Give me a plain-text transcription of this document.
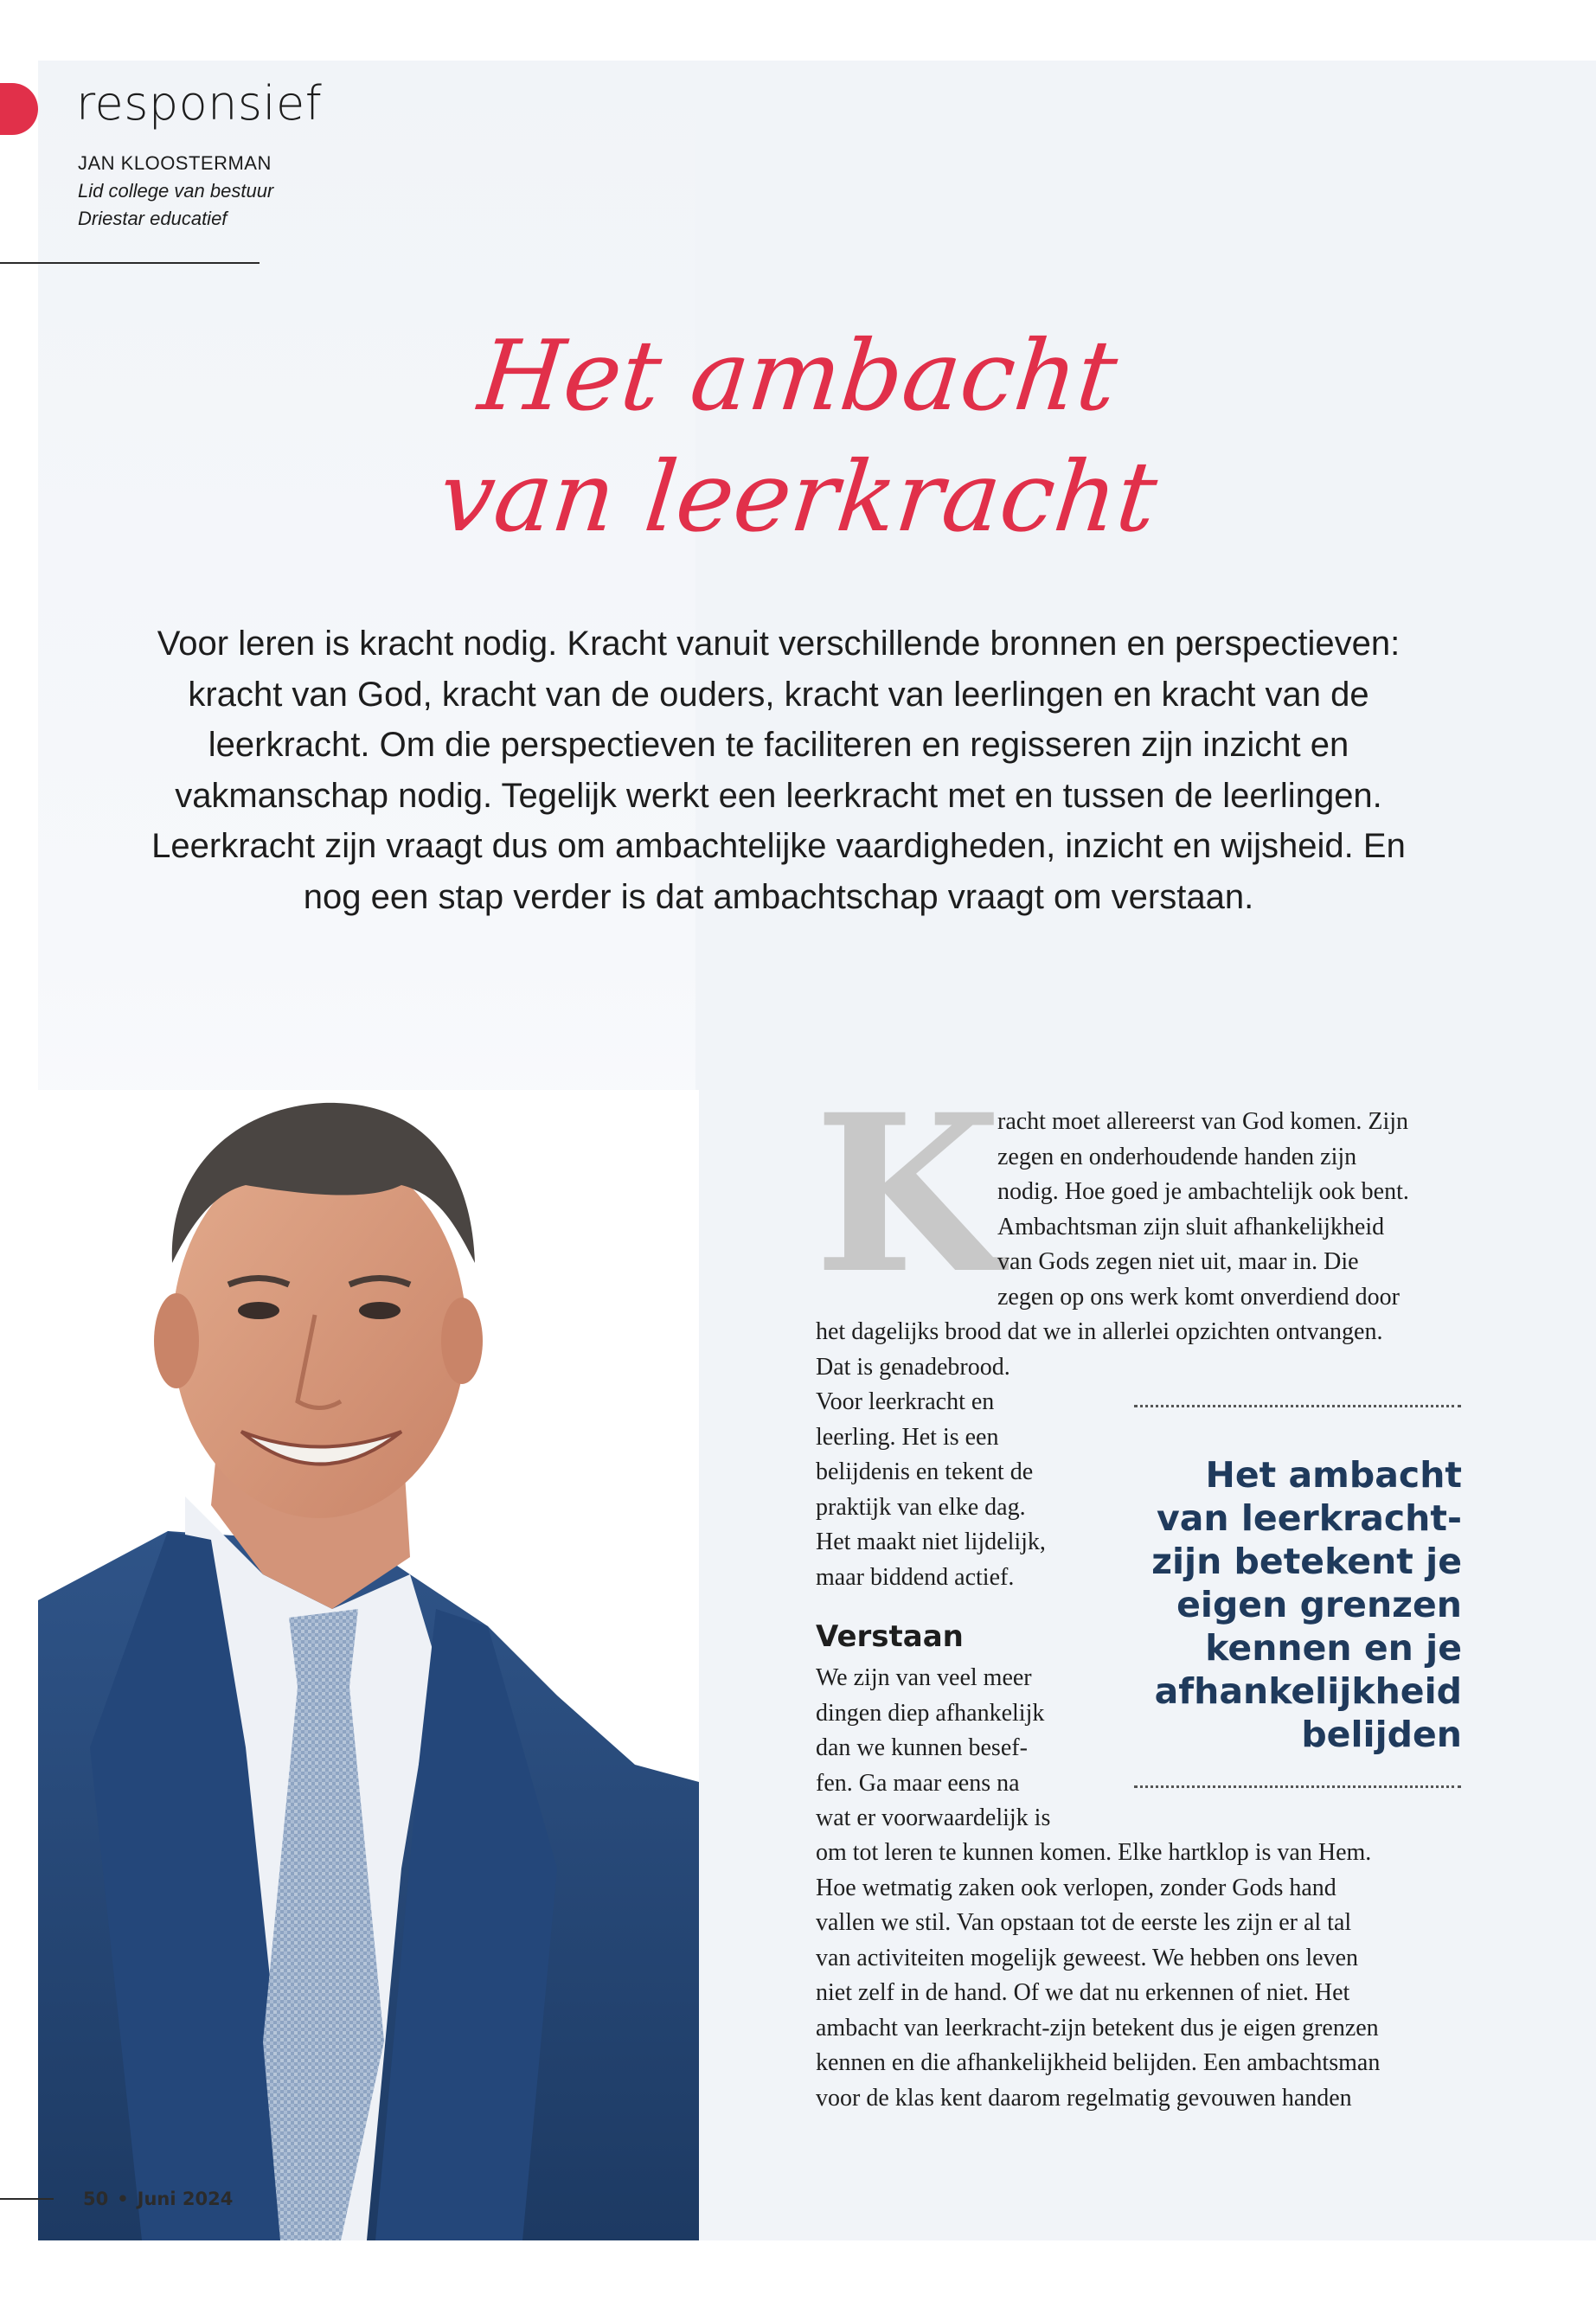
responsief
JAN KLOOSTERMAN
Lid college van bestuur
Driestar educatief
Het ambacht
van leerkracht
Voor leren is kracht nodig. Kracht vanuit verschillende bronnen en perspectieven: kracht van God, kracht van de ouders, kracht van leerlingen en kracht van de leerkracht. Om die perspectieven te faciliteren en regisseren zijn inzicht en vakmanschap nodig. Tegelijk werkt een leerkracht met en tussen de leerlingen. Leerkracht zijn vraagt dus om ambachtelijke vaardigheden, inzicht en wijsheid. En nog een stap verder is dat ambachtschap vraagt om verstaan.
50 • Juni 2024
K
racht moet allereerst van God komen. Zijn
zegen en onderhoudende handen zijn
nodig. Hoe goed je ambachtelijk ook bent.
Ambachtsman zijn sluit afhankelijkheid
van Gods zegen niet uit, maar in. Die
zegen op ons werk komt onverdiend door
het dagelijks brood dat we in allerlei opzichten ontvangen.
Dat is genadebrood.
Voor leerkracht en
leerling. Het is een
belijdenis en tekent de
praktijk van elke dag.
Het maakt niet lijdelijk,
maar biddend actief.
Verstaan
We zijn van veel meer
dingen diep afhankelijk
dan we kunnen besef-
fen. Ga maar eens na
wat er voorwaardelijk is
om tot leren te kunnen komen. Elke hartklop is van Hem.
Hoe wetmatig zaken ook verlopen, zonder Gods hand
vallen we stil. Van opstaan tot de eerste les zijn er al tal
van activiteiten mogelijk geweest. We hebben ons leven
niet zelf in de hand. Of we dat nu erkennen of niet. Het
ambacht van leerkracht-zijn betekent dus je eigen grenzen
kennen en die afhankelijkheid belijden. Een ambachtsman
voor de klas kent daarom regelmatig gevouwen handen
Het ambacht
van leerkracht-
zijn betekent je
eigen grenzen
kennen en je
afhankelijkheid
belijden
